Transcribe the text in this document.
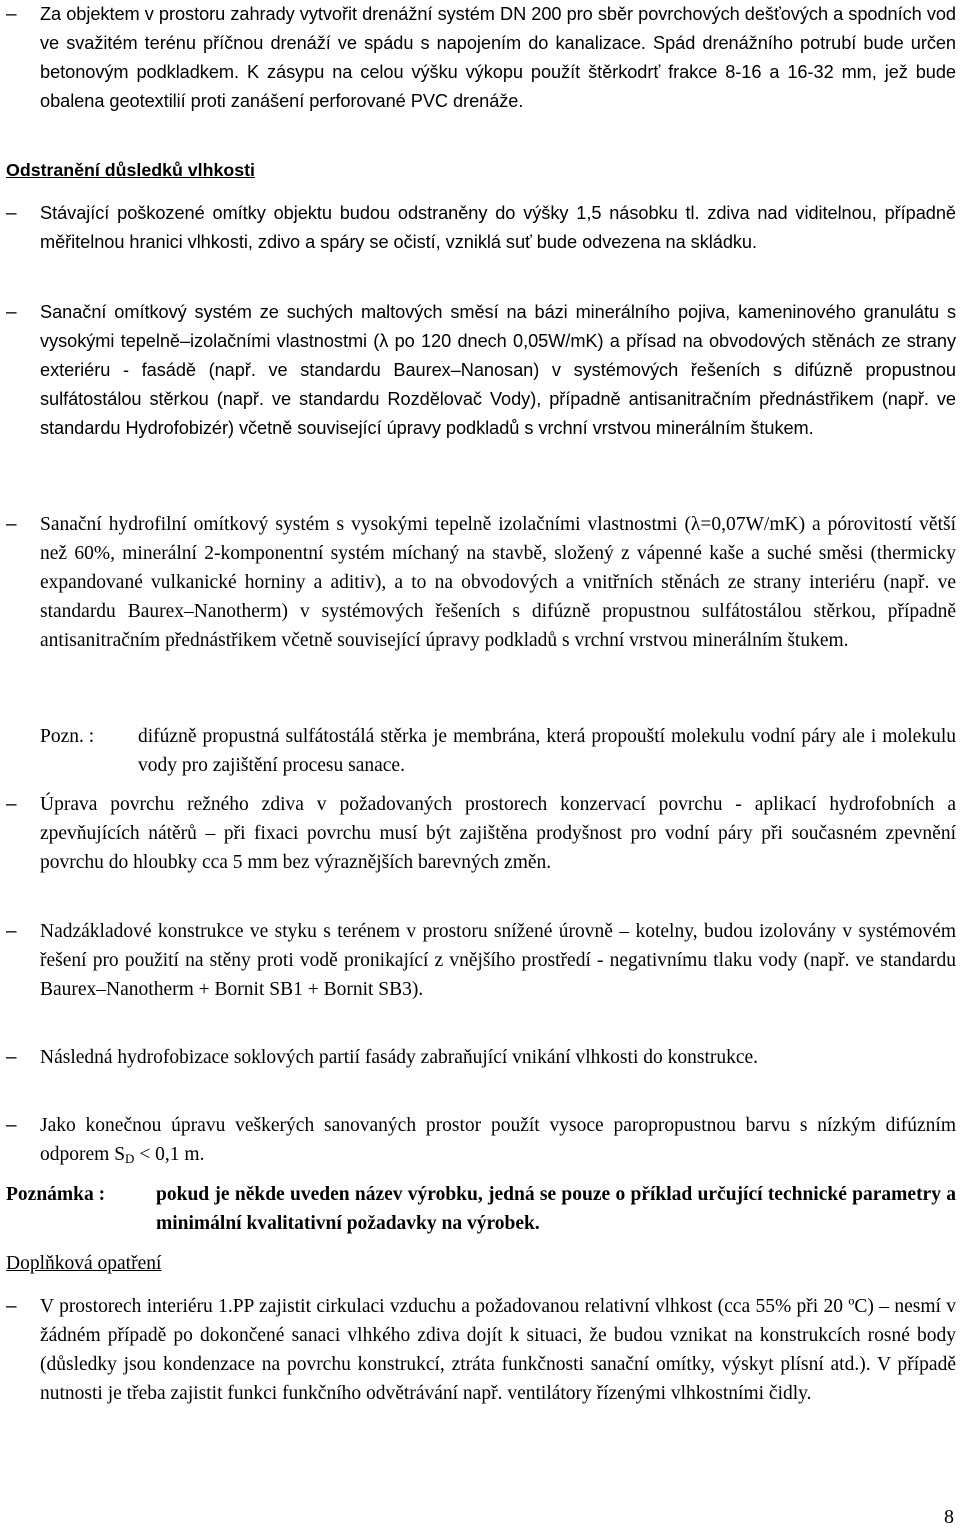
–	Za objektem v prostoru zahrady vytvořit drenážní systém DN 200 pro sběr povrchových dešťových a spodních vod ve svažitém terénu příčnou drenáží ve spádu s napojením do kanalizace. Spád drenážního potrubí bude určen betonovým podkladkem. K zásypu na celou výšku výkopu použít štěrkodrť frakce 8-16 a 16-32 mm, jež bude obalena geotextilií proti zanášení perforované PVC drenáže.
Odstranění důsledků vlhkosti
–	Stávající poškozené omítky objektu budou odstraněny do výšky 1,5 násobku tl. zdiva nad viditelnou, případně měřitelnou hranici vlhkosti, zdivo a spáry se očistí, vzniklá suť bude odvezena na skládku.
–	Sanační omítkový systém ze suchých maltových směsí na bázi minerálního pojiva, kameninového granulátu s vysokými tepelně–izolačními vlastnostmi (λ po 120 dnech 0,05W/mK) a přísad na obvodových stěnách ze strany exteriéru - fasádě (např. ve standardu Baurex–Nanosan) v systémových řešeních s difúzně propustnou sulfátostálou stěrkou (např. ve standardu Rozdělovač Vody), případně antisanitračním přednástřikem (např. ve standardu Hydrofobizér) včetně související úpravy podkladů s vrchní vrstvou minerálním štukem.
–	Sanační hydrofilní omítkový systém s vysokými tepelně izolačními vlastnostmi (λ=0,07W/mK) a pórovitostí větší než 60%, minerální 2-komponentní systém míchaný na stavbě, složený z vápenné kaše a suché směsi (thermicky expandované vulkanické horniny a aditiv), a to na obvodových a vnitřních stěnách ze strany interiéru (např. ve standardu Baurex–Nanotherm) v systémových řešeních s difúzně propustnou sulfátostálou stěrkou, případně antisanitračním přednástřikem včetně související úpravy podkladů s vrchní vrstvou minerálním štukem.
Pozn. : difúzně propustná sulfátostálá stěrka je membrána, která propouští molekulu vodní páry ale i molekulu vody pro zajištění procesu sanace.
–	Úprava povrchu režného zdiva v požadovaných prostorech konzervací povrchu - aplikací hydrofobních a zpevňujících nátěrů – při fixaci povrchu musí být zajištěna prodyšnost pro vodní páry při současném zpevnění povrchu do hloubky cca 5 mm bez výraznějších barevných změn.
–	Nadzákladové konstrukce ve styku s terénem v prostoru snížené úrovně – kotelny, budou izolovány v systémovém řešení pro použití na stěny proti vodě pronikající z vnějšího prostředí - negativnímu tlaku vody (např. ve standardu Baurex–Nanotherm + Bornit SB1 + Bornit SB3).
–	Následná hydrofobizace soklových partií fasády zabraňující vnikání vlhkosti do konstrukce.
–	Jako konečnou úpravu veškerých sanovaných prostor použít vysoce paropropustnou barvu s nízkým difúzním odporem $S_D < 0,1$ m.
Poznámka :	pokud je někde uveden název výrobku, jedná se pouze o příklad určující technické parametry a minimální kvalitativní požadavky na výrobek.
Doplňková opatření
–	V prostorech interiéru 1.PP zajistit cirkulaci vzduchu a požadovanou relativní vlhkost (cca 55% při 20 ºC) – nesmí v žádném případě po dokončené sanaci vlhkého zdiva dojít k situaci, že budou vznikat na konstrukcích rosné body (důsledky jsou kondenzace na povrchu konstrukcí, ztráta funkčnosti sanační omítky, výskyt plísní atd.). V případě nutnosti je třeba zajistit funkci funkčního odvětrávání např. ventilátory řízenými vlhkostními čidly.
8
